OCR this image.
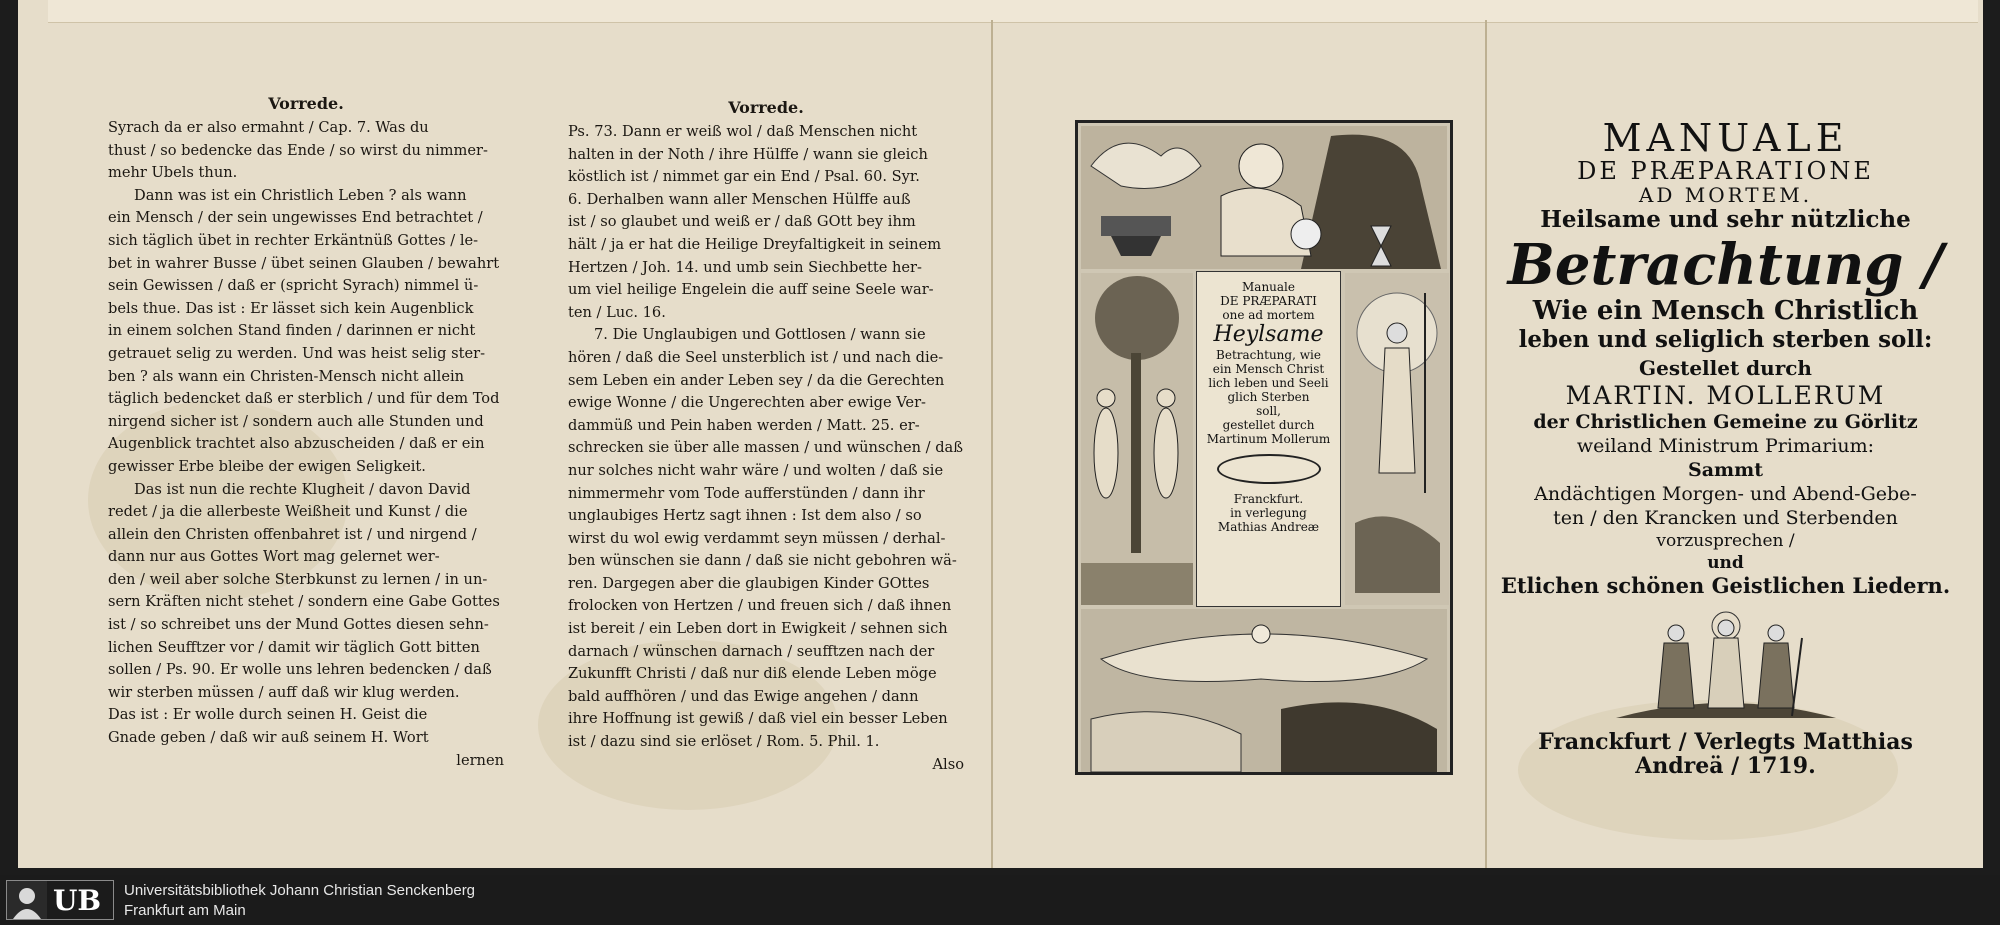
Vorrede.
Syrach da er also ermahnt / Cap. 7. Was du
thust / so bedencke das Ende / so wirst du nimmer-
mehr Ubels thun.
Dann was ist ein Christlich Leben ? als wann
ein Mensch / der sein ungewisses End betrachtet /
sich täglich übet in rechter Erkäntnüß Gottes / le-
bet in wahrer Busse / übet seinen Glauben / bewahrt
sein Gewissen / daß er (spricht Syrach) nimmel ü-
bels thue. Das ist : Er lässet sich kein Augenblick
in einem solchen Stand finden / darinnen er nicht
getrauet selig zu werden. Und was heist selig ster-
ben ? als wann ein Christen-Mensch nicht allein
täglich bedencket daß er sterblich / und für dem Tod
nirgend sicher ist / sondern auch alle Stunden und
Augenblick trachtet also abzuscheiden / daß er ein
gewisser Erbe bleibe der ewigen Seligkeit.
Das ist nun die rechte Klugheit / davon David
redet / ja die allerbeste Weißheit und Kunst / die
allein den Christen offenbahret ist / und nirgend /
dann nur aus Gottes Wort mag gelernet wer-
den / weil aber solche Sterbkunst zu lernen / in un-
sern Kräften nicht stehet / sondern eine Gabe Gottes
ist / so schreibet uns der Mund Gottes diesen sehn-
lichen Seufftzer vor / damit wir täglich Gott bitten
sollen / Ps. 90. Er wolle uns lehren bedencken / daß
wir sterben müssen / auff daß wir klug werden.
Das ist : Er wolle durch seinen H. Geist die
Gnade geben / daß wir auß seinem H. Wort
lernen
Vorrede.
Ps. 73. Dann er weiß wol / daß Menschen nicht
halten in der Noth / ihre Hülffe / wann sie gleich
köstlich ist / nimmet gar ein End / Psal. 60. Syr.
6. Derhalben wann aller Menschen Hülffe auß
ist / so glaubet und weiß er / daß GOtt bey ihm
hält / ja er hat die Heilige Dreyfaltigkeit in seinem
Hertzen / Joh. 14. und umb sein Siechbette her-
um viel heilige Engelein die auff seine Seele war-
ten / Luc. 16.
7. Die Unglaubigen und Gottlosen / wann sie
hören / daß die Seel unsterblich ist / und nach die-
sem Leben ein ander Leben sey / da die Gerechten
ewige Wonne / die Ungerechten aber ewige Ver-
dammüß und Pein haben werden / Matt. 25. er-
schrecken sie über alle massen / und wünschen / daß
nur solches nicht wahr wäre / und wolten / daß sie
nimmermehr vom Tode aufferstünden / dann ihr
unglaubiges Hertz sagt ihnen : Ist dem also / so
wirst du wol ewig verdammt seyn müssen / derhal-
ben wünschen sie dann / daß sie nicht gebohren wä-
ren. Dargegen aber die glaubigen Kinder GOttes
frolocken von Hertzen / und freuen sich / daß ihnen
ist bereit / ein Leben dort in Ewigkeit / sehnen sich
darnach / wünschen darnach / seufftzen nach der
Zukunfft Christi / daß nur diß elende Leben möge
bald auffhören / und das Ewige angehen / dann
ihre Hoffnung ist gewiß / daß viel ein besser Leben
ist / dazu sind sie erlöset / Rom. 5. Phil. 1.
Also
Manuale
DE PRÆPARATI
one ad mortem
Heylsame
Betrachtung, wie
ein Mensch Christ
lich leben und Seeli
glich Sterben
soll,
gestellet durch
Martinum Mollerum
Franckfurt.
in verlegung
Mathias Andreæ
MANUALE
DE PRÆPARATIONE
AD MORTEM.
Heilsame und sehr nützliche
Betrachtung /
Wie ein Mensch Christlich
leben und seliglich sterben soll:
Gestellet durch
MARTIN. MOLLERUM
der Christlichen Gemeine zu Görlitz
weiland Ministrum Primarium:
Sammt
Andächtigen Morgen- und Abend-Gebe-
ten / den Krancken und Sterbenden
vorzusprechen /
und
Etlichen schönen Geistlichen Liedern.
Franckfurt / Verlegts Matthias Andreä / 1719.
UB Universitätsbibliothek Johann Christian Senckenberg
Frankfurt am Main
